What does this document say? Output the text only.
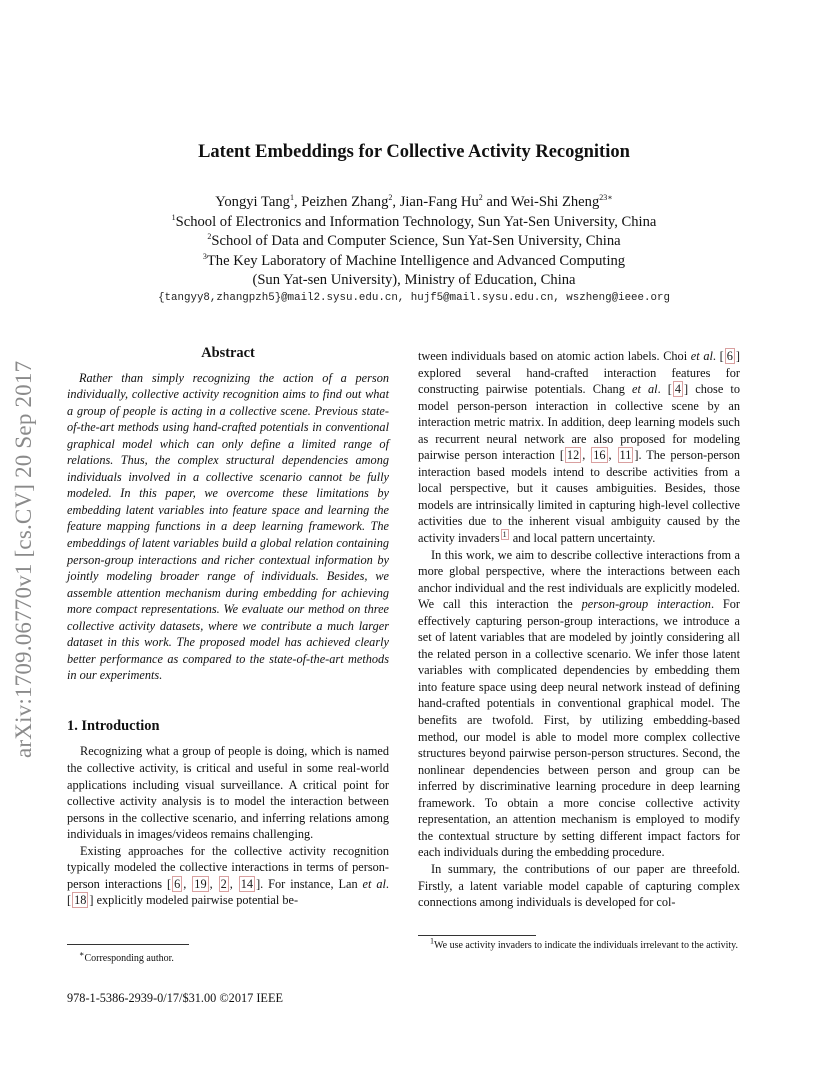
Latent Embeddings for Collective Activity Recognition
Yongyi Tang$^1$, Peizhen Zhang$^2$, Jian-Fang Hu$^2$ and Wei-Shi Zheng$^{23∗}$
$^1$School of Electronics and Information Technology, Sun Yat-Sen University, China
$^2$School of Data and Computer Science, Sun Yat-Sen University, China
$^3$The Key Laboratory of Machine Intelligence and Advanced Computing
(Sun Yat-sen University), Ministry of Education, China
{tangyy8,zhangpzh5}@mail2.sysu.edu.cn, hujf5@mail.sysu.edu.cn, wszheng@ieee.org
arXiv:1709.06770v1 [cs.CV] 20 Sep 2017
Abstract

Rather than simply recognizing the action of a person individually, collective activity recognition aims to find out what a group of people is acting in a collective scene. Previous state-of-the-art methods using hand-crafted potentials in conventional graphical model which can only define a limited range of relations. Thus, the complex structural dependencies among individuals involved in a collective scenario cannot be fully modeled. In this paper, we overcome these limitations by embedding latent variables into feature space and learning the feature mapping functions in a deep learning framework. The embeddings of latent variables build a global relation containing person-group interactions and richer contextual information by jointly modeling broader range of individuals. Besides, we assemble attention mechanism during embedding for achieving more compact representations. We evaluate our method on three collective activity datasets, where we contribute a much larger dataset in this work. The proposed model has achieved clearly better performance as compared to the state-of-the-art methods in our experiments.

1. Introduction

Recognizing what a group of people is doing, which is named the collective activity, is critical and useful in some real-world applications including visual surveillance. A critical point for collective activity analysis is to model the interaction between persons in the collective scenario, and inferring relations among individuals in images/videos remains challenging.

Existing approaches for the collective activity recognition typically modeled the collective interactions in terms of person-person interactions [ 6 , 19 , 2 , 14 ]. For instance, Lan et al. [ 18 ] explicitly modeled pairwise potential be-

tween individuals based on atomic action labels. Choi et al. [ 6 ] explored several hand-crafted interaction features for constructing pairwise potentials. Chang et al. [ 4 ] chose to model person-person interaction in collective scene by an interaction metric matrix. In addition, deep learning models such as recurrent neural network are also proposed for modeling pairwise person interaction [ 12 , 16 , 11 ]. The person-person interaction based models intend to describe activities from a local perspective, but it causes ambiguities. Besides, those models are intrinsically limited in capturing high-level collective activities due to the inherent visual ambiguity caused by the activity invaders $^1$ and local pattern uncertainty.

In this work, we aim to describe collective interactions from a more global perspective, where the interactions between each anchor individual and the rest individuals are explicitly modeled. We call this interaction the person-group interaction. For effectively capturing person-group interactions, we introduce a set of latent variables that are modeled by jointly considering all the related person in a collective scenario. We infer those latent variables with complicated dependencies by embedding them into feature space using deep neural network instead of defining hand-crafted potentials in conventional graphical model. The benefits are twofold. First, by utilizing embedding-based method, our model is able to model more complex collective structures beyond pairwise person-person structures. Second, the nonlinear dependencies between person and group can be inferred by discriminative learning procedure in deep learning framework. To obtain a more concise collective activity representation, an attention mechanism is employed to modify the contextual structure by setting different impact factors for each individuals during the embedding procedure.

In summary, the contributions of our paper are threefold. Firstly, a latent variable model capable of capturing complex connections among individuals is developed for col-

∗Corresponding author.
$^1$We use activity invaders to indicate the individuals irrelevant to the activity.
978-1-5386-2939-0/17/$31.00 ©2017 IEEE
